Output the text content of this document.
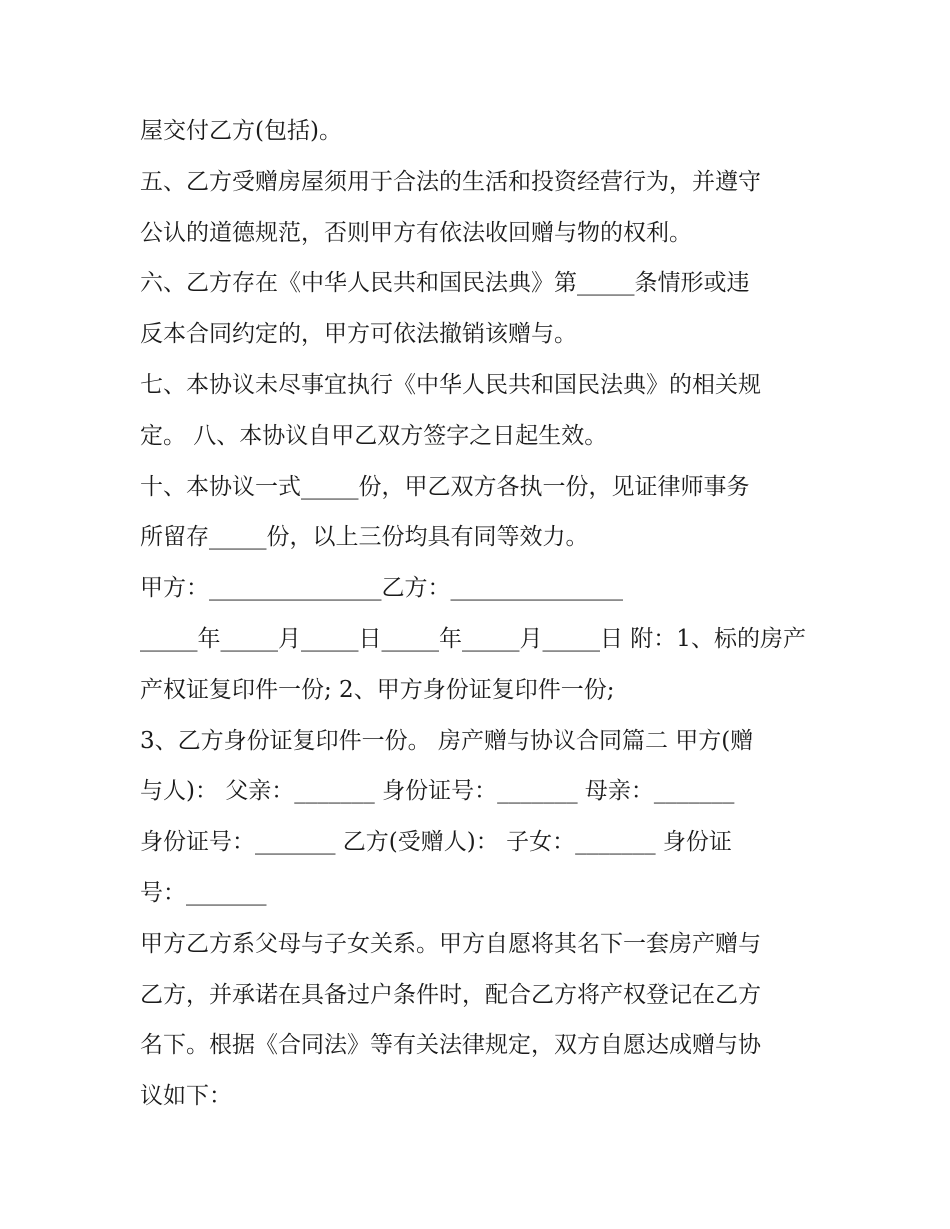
屋交付乙方(包括)。
五、乙方受赠房屋须用于合法的生活和投资经营行为，并遵守
公认的道德规范，否则甲方有依法收回赠与物的权利。
六、乙方存在《中华人民共和国民法典》第_____条情形或违
反本合同约定的，甲方可依法撤销该赠与。
七、本协议未尽事宜执行《中华人民共和国民法典》的相关规
定。 八、本协议自甲乙双方签字之日起生效。
十、本协议一式_____份，甲乙双方各执一份，见证律师事务
所留存_____份，以上三份均具有同等效力。
甲方：_______________乙方：_______________
_____年_____月_____日_____年_____月_____日 附：1、标的房产
产权证复印件一份; 2、甲方身份证复印件一份;
3、乙方身份证复印件一份。 房产赠与协议合同篇二 甲方(赠
与人)： 父亲：_______ 身份证号：_______ 母亲：_______
身份证号：_______ 乙方(受赠人)： 子女：_______ 身份证
号：_______
甲方乙方系父母与子女关系。甲方自愿将其名下一套房产赠与
乙方，并承诺在具备过户条件时，配合乙方将产权登记在乙方
名下。根据《合同法》等有关法律规定，双方自愿达成赠与协
议如下：
